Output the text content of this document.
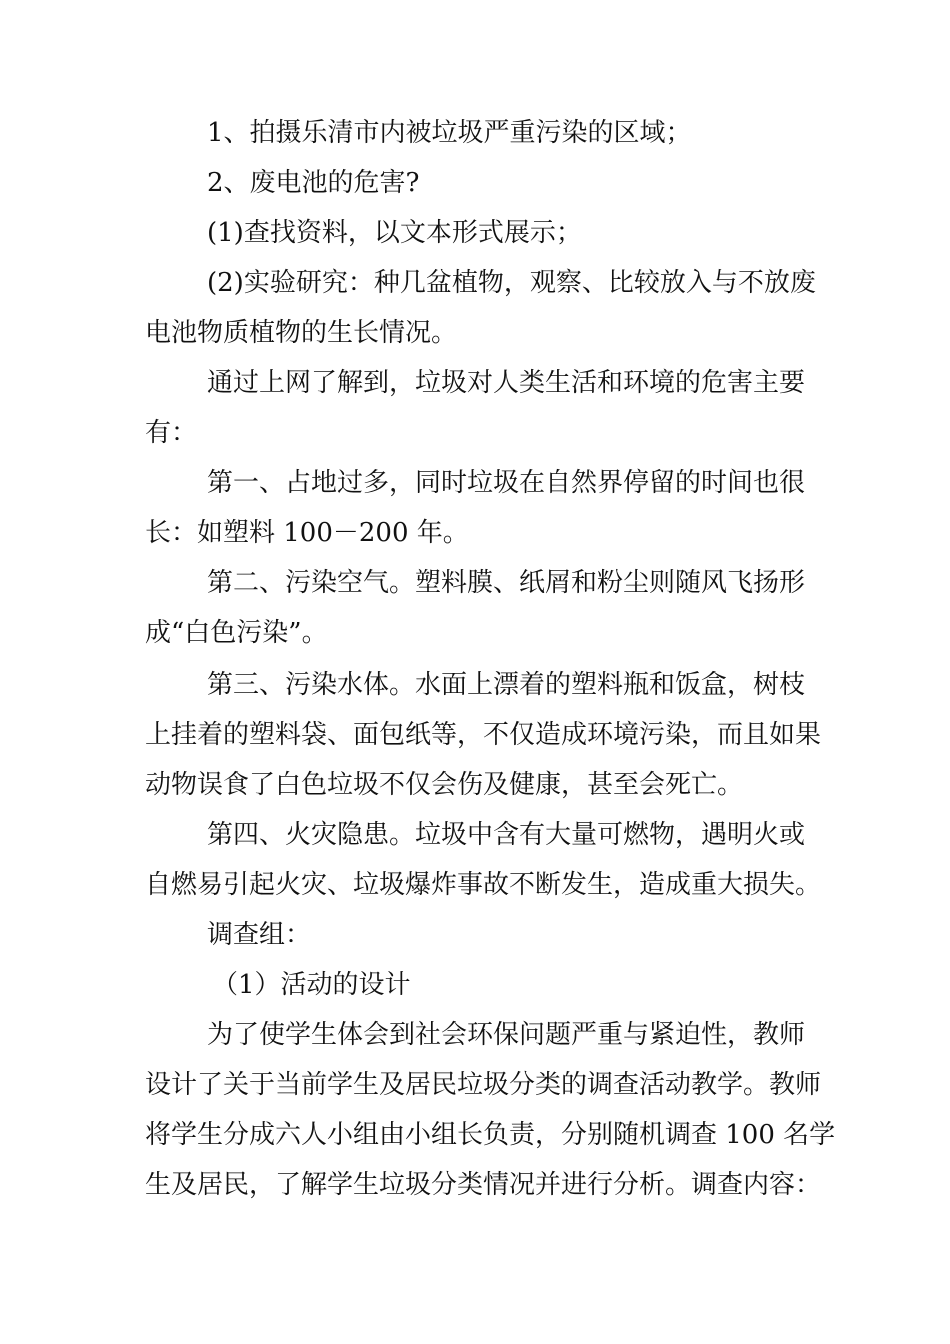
1、拍摄乐清市内被垃圾严重污染的区域；
2、废电池的危害?
(1)查找资料，以文本形式展示；
(2)实验研究：种几盆植物，观察、比较放入与不放废
电池物质植物的生长情况。
通过上网了解到，垃圾对人类生活和环境的危害主要
有：
第一、占地过多，同时垃圾在自然界停留的时间也很
长：如塑料 100－200 年。
第二、污染空气。塑料膜、纸屑和粉尘则随风飞扬形
成“白色污染”。
第三、污染水体。水面上漂着的塑料瓶和饭盒，树枝
上挂着的塑料袋、面包纸等，不仅造成环境污染，而且如果
动物误食了白色垃圾不仅会伤及健康，甚至会死亡。
第四、火灾隐患。垃圾中含有大量可燃物，遇明火或
自燃易引起火灾、垃圾爆炸事故不断发生，造成重大损失。
调查组：
（1）活动的设计
为了使学生体会到社会环保问题严重与紧迫性，教师
设计了关于当前学生及居民垃圾分类的调查活动教学。教师
将学生分成六人小组由小组长负责，分别随机调查 100 名学
生及居民，了解学生垃圾分类情况并进行分析。调查内容：
